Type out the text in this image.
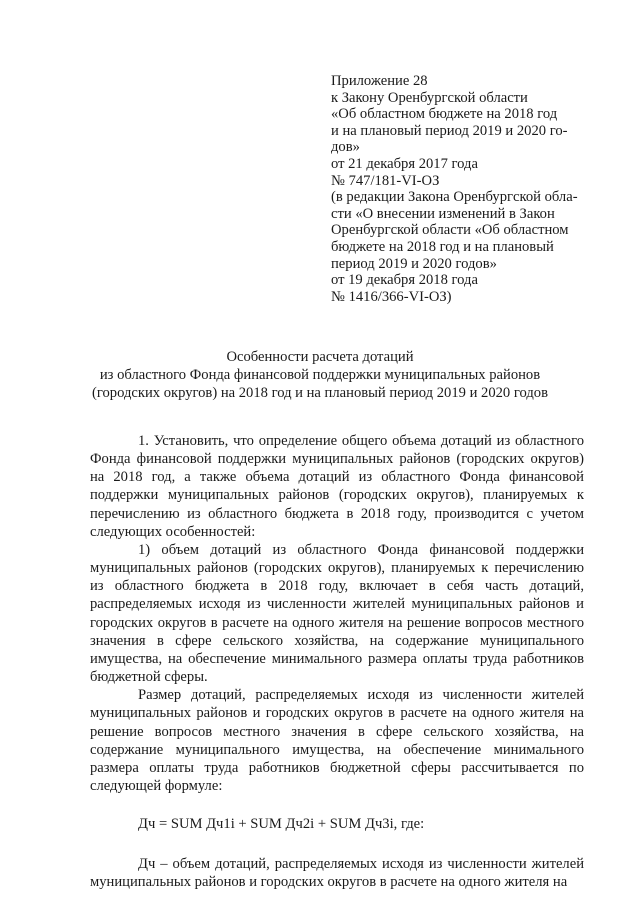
Приложение 28
к Закону Оренбургской области
«Об областном бюджете на 2018 год
и на плановый период 2019 и 2020 го-
дов»
от 21 декабря 2017 года
№ 747/181-VI-ОЗ
(в редакции Закона Оренбургской обла-
сти «О внесении изменений в Закон
Оренбургской области «Об областном
бюджете на 2018 год и на плановый
период 2019 и 2020 годов»
от 19 декабря 2018 года
№ 1416/366-VI-ОЗ)
Особенности расчета дотаций
из областного Фонда финансовой поддержки муниципальных районов
(городских округов) на 2018 год и на плановый период 2019 и 2020 годов

1. Установить, что определение общего объема дотаций из областного Фонда финансовой поддержки муниципальных районов (городских округов) на 2018 год, а также объема дотаций из областного Фонда финансовой поддержки муниципальных районов (городских округов), планируемых к перечислению из областного бюджета в 2018 году, производится с учетом следующих особенностей:

1) объем дотаций из областного Фонда финансовой поддержки муниципальных районов (городских округов), планируемых к перечислению из областного бюджета в 2018 году, включает в себя часть дотаций, распределяемых исходя из численности жителей муниципальных районов и городских округов в расчете на одного жителя на решение вопросов местного значения в сфере сельского хозяйства, на содержание муниципального имущества, на обеспечение минимального размера оплаты труда работников бюджетной сферы.

Размер дотаций, распределяемых исходя из численности жителей муниципальных районов и городских округов в расчете на одного жителя на решение вопросов местного значения в сфере сельского хозяйства, на содержание муниципального имущества, на обеспечение минимального размера оплаты труда работников бюджетной сферы рассчитывается по следующей формуле:

Дч = SUM Дч1i + SUM Дч2i + SUM Дч3i, где:

Дч – объем дотаций, распределяемых исходя из численности жителей муниципальных районов и городских округов в расчете на одного жителя на
